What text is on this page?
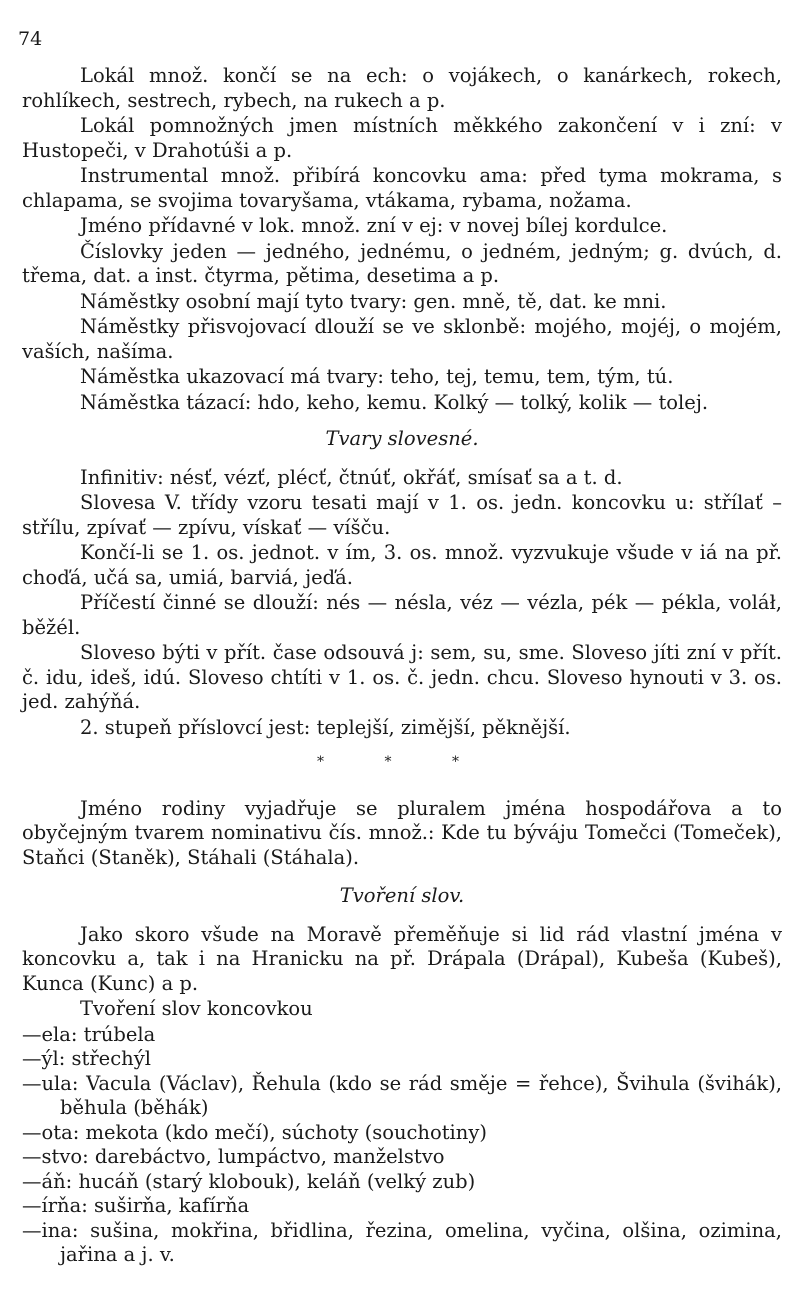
74

Lokál množ. končí se na ech: o vojákech, o kanárkech, rokech, rohlíkech, sestrech, rybech, na rukech a p.

Lokál pomnožných jmen místních měkkého zakončení v i zní: v Hustopeči, v Drahotúši a p.

Instrumental množ. přibírá koncovku ama: před tyma mokrama, s chlapama, se svojima tovaryšama, vtákama, rybama, nožama.

Jméno přídavné v lok. množ. zní v ej: v novej bílej kordulce.

Číslovky jeden — jedného, jednému, o jedném, jedným; g. dvúch, d. třema, dat. a inst. čtyrma, pětima, desetima a p.

Náměstky osobní mají tyto tvary: gen. mně, tě, dat. ke mni.

Náměstky přisvojovací dlouží se ve sklonbě: mojého, mojéj, o mojém, vaších, našíma.

Náměstka ukazovací má tvary: teho, tej, temu, tem, tým, tú.

Náměstka tázací: hdo, keho, kemu. Kolký — tolký, kolik — tolej.

Tvary slovesné.

Infinitiv: nésť, vézť, plécť, čtnúť, okřáť, smísať sa a t. d.

Slovesa V. třídy vzoru tesati mají v 1. os. jedn. koncovku u: střílať – střílu, zpívať — zpívu, vískať — víšču.

Končí-li se 1. os. jednot. v ím, 3. os. množ. vyzvukuje všude v iá na př. choďá, učá sa, umiá, barviá, jeďá.

Příčestí činné se dlouží: nés — nésla, véz — vézla, pék — pékla, voláł, běžél.

Sloveso býti v přít. čase odsouvá j: sem, su, sme. Sloveso jíti zní v přít. č. idu, ideš, idú. Sloveso chtíti v 1. os. č. jedn. chcu. Sloveso hynouti v 3. os. jed. zahýňá.

2. stupeň příslovcí jest: teplejší, zimější, pěknější.

* * *

Jméno rodiny vyjadřuje se pluralem jména hospodářova a to obyčejným tvarem nominativu čís. množ.: Kde tu býváju Tomečci (Tomeček), Staňci (Staněk), Stáhali (Stáhala).

Tvoření slov.

Jako skoro všude na Moravě přeměňuje si lid rád vlastní jména v koncovku a, tak i na Hranicku na př. Drápala (Drápal), Kubeša (Kubeš), Kunca (Kunc) a p.

Tvoření slov koncovkou

—ela: trúbela
—ýl: střechýl
—ula: Vacula (Václav), Řehula (kdo se rád směje = řehce), Švihula (švihák), běhula (běhák)
—ota: mekota (kdo mečí), súchoty (souchotiny)
—stvo: darebáctvo, lumpáctvo, manželstvo
—áň: hucáň (starý klobouk), keláň (velký zub)
—írňa: suširňa, kafírňa
—ina: sušina, mokřina, břidlina, řezina, omelina, vyčina, olšina, ozimina, jařina a j. v.
